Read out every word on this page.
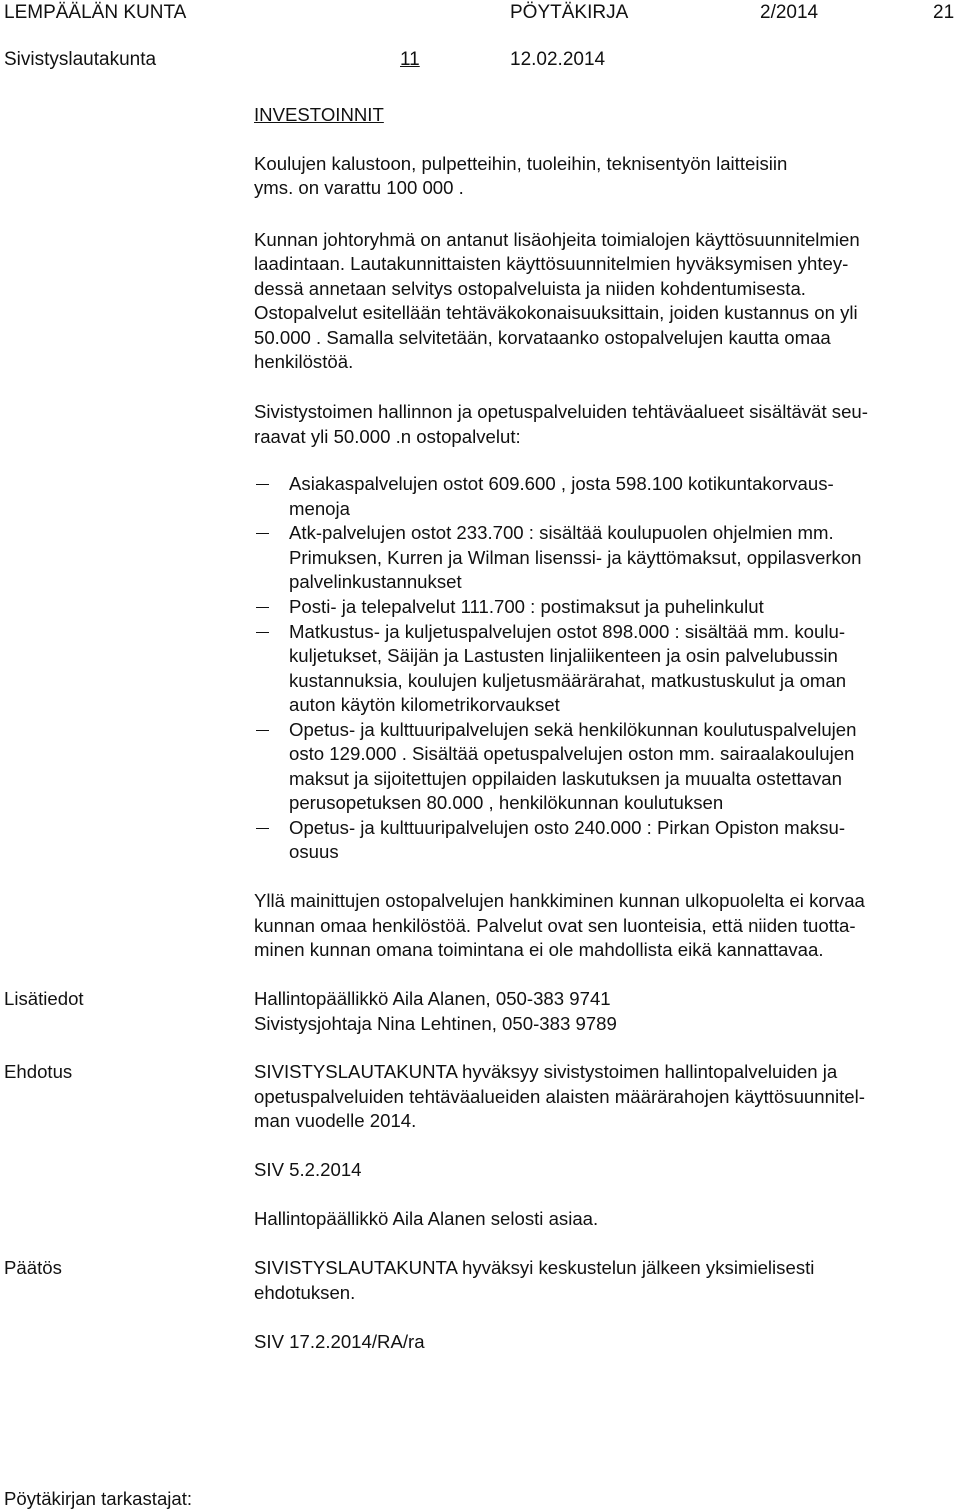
LEMPÄÄLÄN KUNTA	PÖYTÄKIRJA	2/2014	21
Sivistyslautakunta	11	12.02.2014
INVESTOINNIT
Koulujen kalustoon, pulpetteihin, tuoleihin, teknisentyön laitteisiin
yms. on varattu 100 000 .
Kunnan johtoryhmä on antanut lisäohjeita toimialojen käyttösuunnitelmien
laadintaan. Lautakunnittaisten käyttösuunnitelmien hyväksymisen yhtey-
dessä annetaan selvitys ostopalveluista ja niiden kohdentumisesta.
Ostopalvelut esitellään tehtäväkokonaisuuksittain, joiden kustannus on yli
50.000 . Samalla selvitetään, korvataanko ostopalvelujen kautta omaa
henkilöstöä.
Sivistystoimen hallinnon ja opetuspalveluiden tehtäväalueet sisältävät seu-
raavat yli 50.000 .n ostopalvelut:
Asiakaspalvelujen ostot 609.600 , josta 598.100 kotikuntakorvaus-
menoja
Atk-palvelujen ostot 233.700 : sisältää koulupuolen ohjelmien mm.
Primuksen, Kurren ja Wilman lisenssi- ja käyttömaksut, oppilasverkon
palvelinkustannukset
Posti- ja telepalvelut 111.700 : postimaksut ja puhelinkulut
Matkustus- ja kuljetuspalvelujen ostot 898.000 : sisältää mm. koulu-
kuljetukset, Säijän ja Lastusten linjaliikenteen ja osin palvelubussin
kustannuksia, koulujen kuljetusmäärärahat, matkustuskulut ja oman
auton käytön kilometrikorvaukset
Opetus- ja kulttuuripalvelujen sekä henkilökunnan koulutuspalvelujen
osto 129.000 . Sisältää opetuspalvelujen oston mm. sairaalakoulujen
maksut ja sijoitettujen oppilaiden laskutuksen ja muualta ostettavan
perusopetuksen 80.000 , henkilökunnan koulutuksen
Opetus- ja kulttuuripalvelujen osto 240.000 : Pirkan Opiston maksu-
osuus
Yllä mainittujen ostopalvelujen hankkiminen kunnan ulkopuolelta ei korvaa
kunnan omaa henkilöstöä. Palvelut ovat sen luonteisia, että niiden tuotta-
minen kunnan omana toimintana ei ole mahdollista eikä kannattavaa.
Lisätiedot	Hallintopäällikkö Aila Alanen, 050-383 9741
Sivistysjohtaja Nina Lehtinen, 050-383 9789
Ehdotus	SIVISTYSLAUTAKUNTA hyväksyy sivistystoimen hallintopalveluiden ja
opetuspalveluiden tehtäväalueiden alaisten määrärahojen käyttösuunnitel-
man vuodelle 2014.
SIV 5.2.2014
Hallintopäällikkö Aila Alanen selosti asiaa.
Päätös	SIVISTYSLAUTAKUNTA hyväksyi keskustelun jälkeen yksimielisesti
ehdotuksen.
SIV 17.2.2014/RA/ra
Pöytäkirjan tarkastajat:
